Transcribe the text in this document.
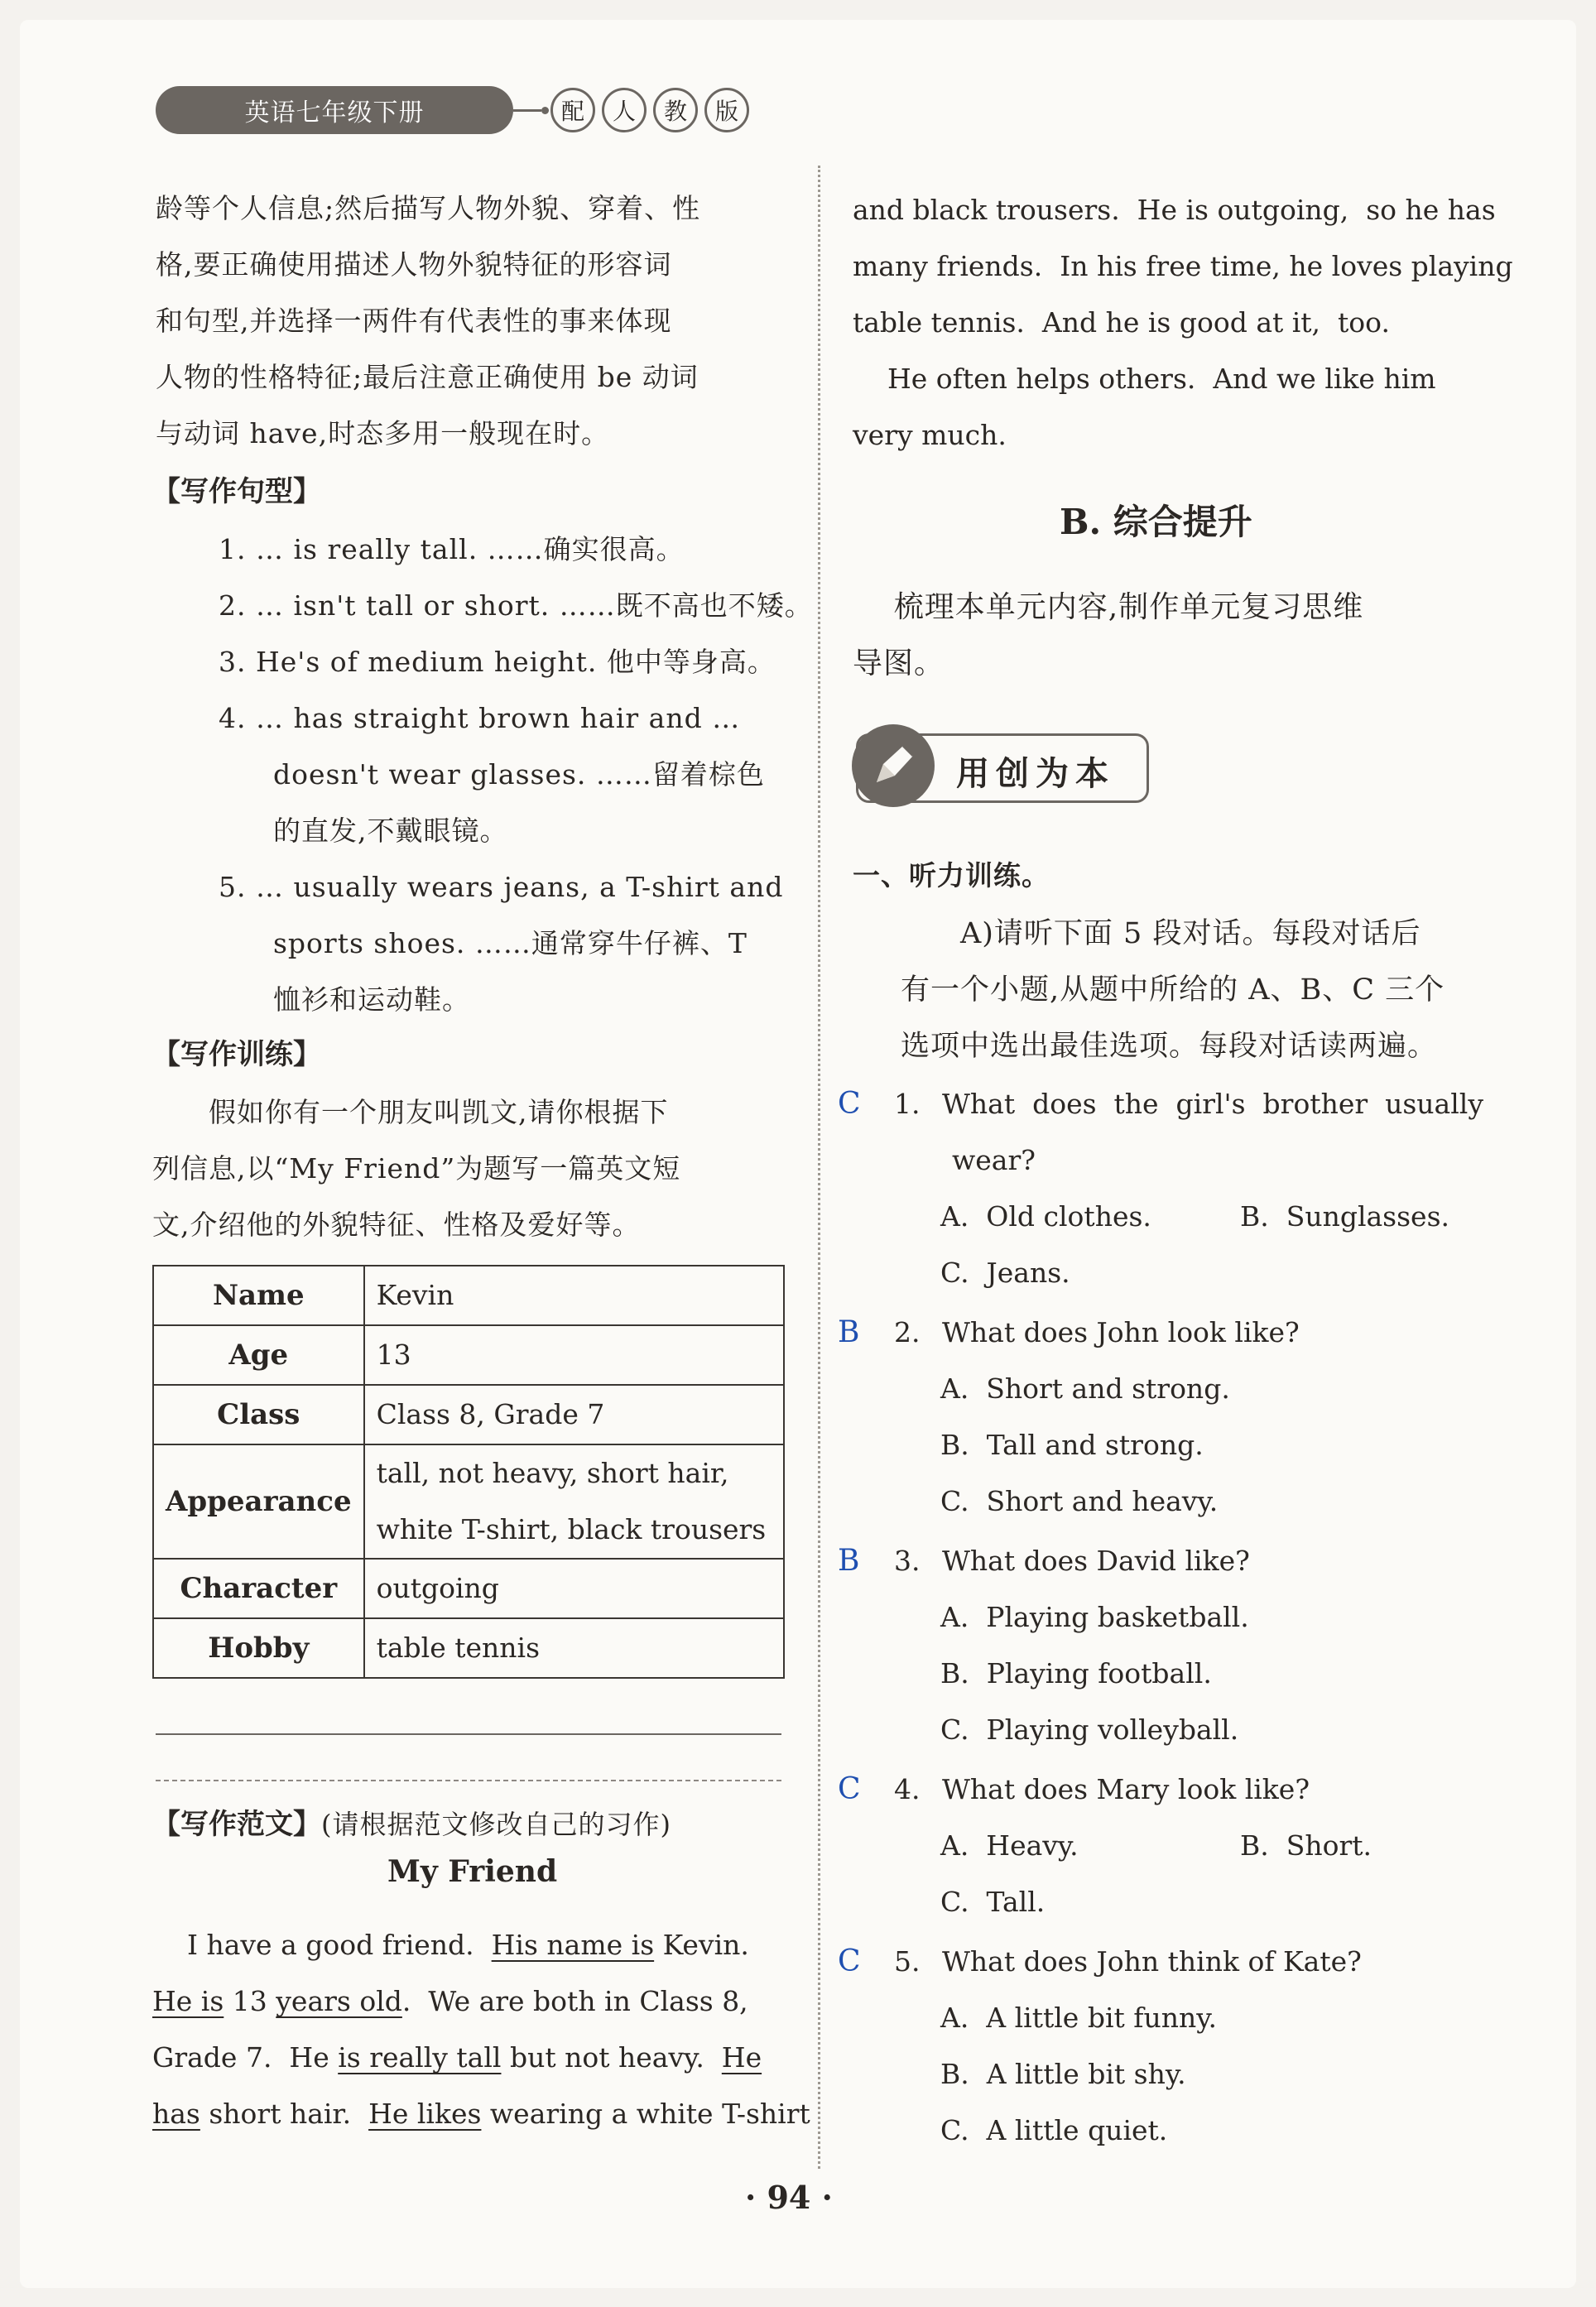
英语七年级下册	配	人	教	版
龄等个人信息;然后描写人物外貌、穿着、性
格,要正确使用描述人物外貌特征的形容词
和句型,并选择一两件有代表性的事来体现
人物的性格特征;最后注意正确使用 be 动词
与动词 have,时态多用一般现在时。
【写作句型】
1. … is really tall. ……确实很高。
2. … isn't tall or short. ……既不高也不矮。
3. He's of medium height. 他中等身高。
4. … has straight brown hair and …
doesn't wear glasses. ……留着棕色
的直发,不戴眼镜。
5. … usually wears jeans, a T-shirt and
sports shoes. ……通常穿牛仔裤、T
恤衫和运动鞋。
【写作训练】
假如你有一个朋友叫凯文,请你根据下
列信息,以“My Friend”为题写一篇英文短
文,介绍他的外貌特征、性格及爱好等。
Name	Kevin

Age	13

Class	Class 8, Grade 7

Appearance	tall, not heavy, short hair,
white T-shirt, black trousers

Character	outgoing

Hobby	table tennis
【写作范文】(请根据范文修改自己的习作)
My Friend
I have a good friend.  His name is Kevin.
He is 13 years old.  We are both in Class 8,
Grade 7.  He is really tall but not heavy.  He
has short hair.  He likes wearing a white T-shirt
and black trousers.  He is outgoing,  so he has
many friends.  In his free time, he loves playing
table tennis.  And he is good at it,  too.
He often helps others.  And we like him
very much.
B. 综合提升
梳理本单元内容,制作单元复习思维
导图。
用创为本
一、听力训练。
A)请听下面 5 段对话。每段对话后
有一个小题,从题中所给的 A、B、C 三个
选项中选出最佳选项。每段对话读两遍。
C 1. What  does  the  girl's  brother  usually
wear?
A.  Old clothes.	B.  Sunglasses.
C.  Jeans.
B 2. What does John look like?
A.  Short and strong.
B.  Tall and strong.
C.  Short and heavy.
B 3. What does David like?
A.  Playing basketball.
B.  Playing football.
C.  Playing volleyball.
C 4. What does Mary look like?
A.  Heavy.	B.  Short.
C.  Tall.
C 5. What does John think of Kate?
A.  A little bit funny.
B.  A little bit shy.
C.  A little quiet.
· 94 ·
